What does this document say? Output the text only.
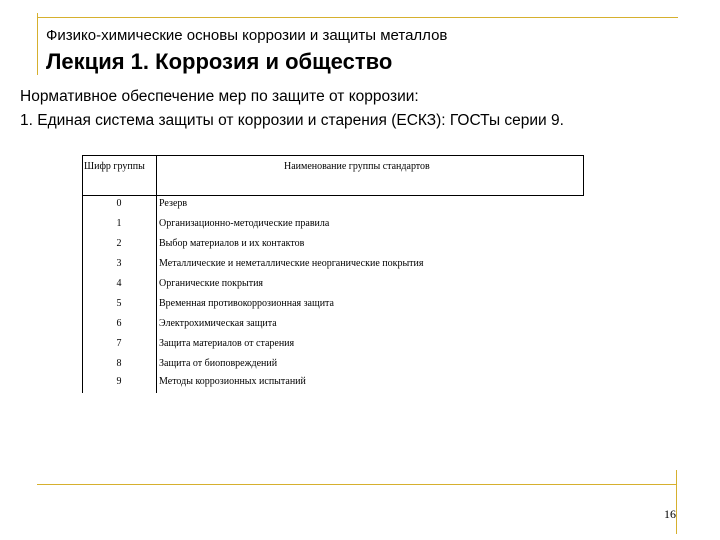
Физико-химические основы коррозии и защиты металлов
Лекция 1. Коррозия и общество
Нормативное обеспечение мер по защите от коррозии:
1. Единая система защиты от коррозии и старения (ЕСКЗ): ГОСТы серии 9.
Шифр группы	Наименование группы стандартов
0	Резерв
1	Организационно-методические правила
2	Выбор материалов и их контактов
3	Металлические и неметаллические неорганические покрытия
4	Органические покрытия
5	Временная противокоррозионная защита
6	Электрохимическая защита
7	Защита материалов от старения
8	Защита от биоповреждений
9	Методы коррозионных испытаний
16
